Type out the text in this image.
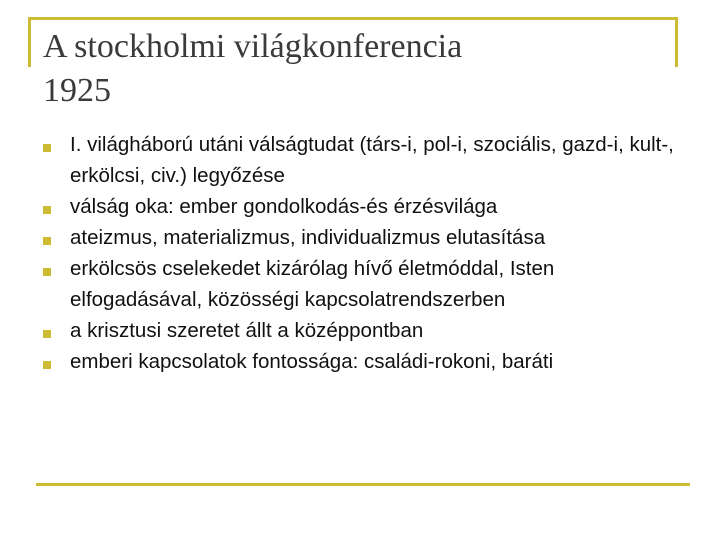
A stockholmi világkonferencia
1925
I. világháború utáni válságtudat (társ-i, pol-i, szociális, gazd-i, kult-, erkölcsi, civ.) legyőzése
válság oka: ember gondolkodás-és érzésvilága
ateizmus, materializmus, individualizmus elutasítása
erkölcsös cselekedet kizárólag hívő életmóddal, Isten elfogadásával, közösségi kapcsolatrendszerben
a krisztusi szeretet állt a középpontban
emberi kapcsolatok fontossága: családi-rokoni, baráti
